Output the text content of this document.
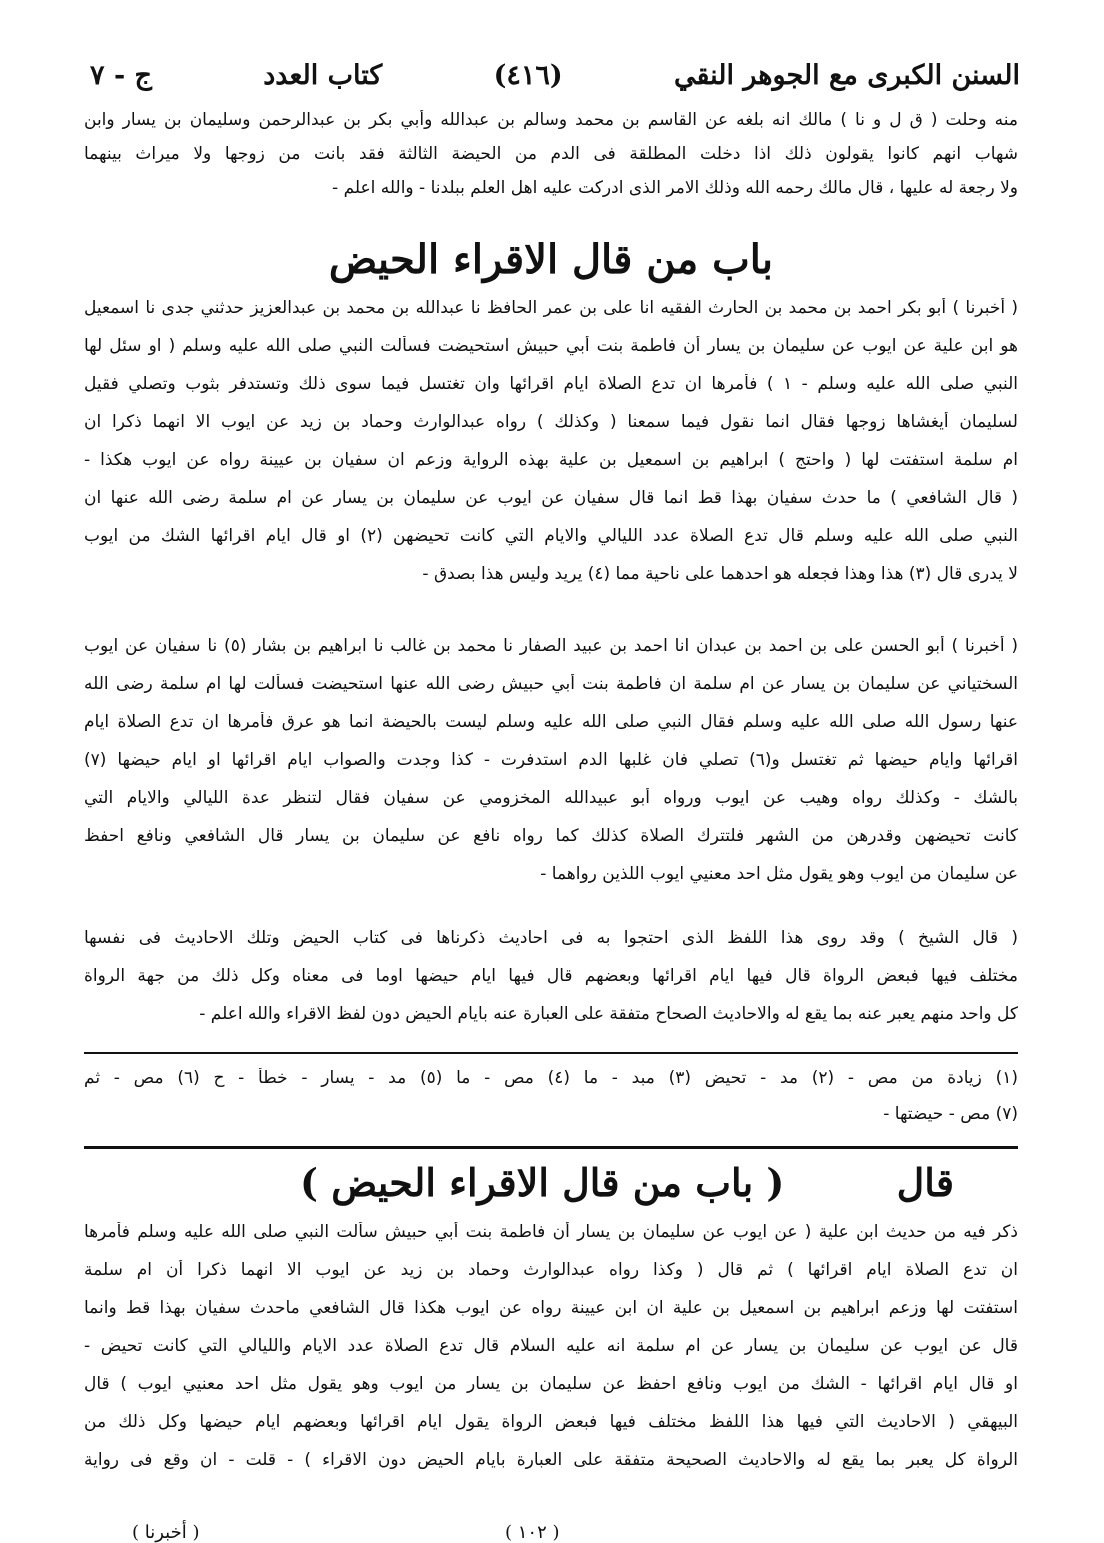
السنن الكبرى مع الجوهر النقي
(٤١٦)
كتاب العدد
ج - ٧
منه وحلت ( ق ل و نا ) مالك انه بلغه عن القاسم بن محمد وسالم بن عبدالله وأبي بكر بن عبدالرحمن وسليمان بن يسار وابن
شهاب انهم كانوا يقولون ذلك اذا دخلت المطلقة فى الدم من الحيضة الثالثة فقد بانت من زوجها ولا ميراث بينهما
ولا رجعة له عليها ، قال مالك رحمه الله وذلك الامر الذى ادركت عليه اهل العلم ببلدنا - والله اعلم -
باب من قال الاقراء الحيض
( أخبرنا ) أبو بكر احمد بن محمد بن الحارث الفقيه انا على بن عمر الحافظ نا عبدالله بن محمد بن عبدالعزيز حدثني جدى نا اسمعيل
هو ابن علية عن ايوب عن سليمان بن يسار أن فاطمة بنت أبي حبيش استحيضت فسألت النبي صلى الله عليه وسلم ( او سئل لها
النبي صلى الله عليه وسلم - ١ ) فأمرها ان تدع الصلاة ايام اقرائها وان تغتسل فيما سوى ذلك وتستدفر بثوب وتصلي فقيل
لسليمان أيغشاها زوجها فقال انما نقول فيما سمعنا ( وكذلك ) رواه عبدالوارث وحماد بن زيد عن ايوب الا انهما ذكرا ان
ام سلمة استفتت لها ( واحتج ) ابراهيم بن اسمعيل بن علية بهذه الرواية وزعم ان سفيان بن عيينة رواه عن ايوب هكذا -
( قال الشافعي ) ما حدث سفيان بهذا قط انما قال سفيان عن ايوب عن سليمان بن يسار عن ام سلمة رضى الله عنها ان
النبي صلى الله عليه وسلم قال تدع الصلاة عدد الليالي والايام التي كانت تحيضهن (٢) او قال ايام اقرائها الشك من ايوب
لا يدرى قال (٣) هذا وهذا فجعله هو احدهما على ناحية مما (٤) يريد وليس هذا بصدق -
( أخبرنا ) أبو الحسن على بن احمد بن عبدان انا احمد بن عبيد الصفار نا محمد بن غالب نا ابراهيم بن بشار (٥) نا سفيان عن ايوب
السختياني عن سليمان بن يسار عن ام سلمة ان فاطمة بنت أبي حبيش رضى الله عنها استحيضت فسألت لها ام سلمة رضى الله
عنها رسول الله صلى الله عليه وسلم فقال النبي صلى الله عليه وسلم ليست بالحيضة انما هو عرق فأمرها ان تدع الصلاة ايام
اقرائها وايام حيضها ثم تغتسل و(٦) تصلي فان غلبها الدم استدفرت - كذا وجدت والصواب ايام اقرائها او ايام حيضها (٧)
بالشك - وكذلك رواه وهيب عن ايوب ورواه أبو عبيدالله المخزومي عن سفيان فقال لتنظر عدة الليالي والايام التي
كانت تحيضهن وقدرهن من الشهر فلتترك الصلاة كذلك كما رواه نافع عن سليمان بن يسار قال الشافعي ونافع احفظ
عن سليمان من ايوب وهو يقول مثل احد معنيي ايوب اللذين رواهما -
( قال الشيخ ) وقد روى هذا اللفظ الذى احتجوا به فى احاديث ذكرناها فى كتاب الحيض وتلك الاحاديث فى نفسها
مختلف فيها فبعض الرواة قال فيها ايام اقرائها وبعضهم قال فيها ايام حيضها اوما فى معناه وكل ذلك من جهة الرواة
كل واحد منهم يعبر عنه بما يقع له والاحاديث الصحاح متفقة على العبارة عنه بايام الحيض دون لفظ الاقراء والله اعلم -
(١) زيادة من مص - (٢) مد - تحيض (٣) مبد - ما (٤) مص - ما (٥) مد - يسار - خطأ - ح (٦) مص - ثم
(٧) مص - حيضتها -
قال
( باب من قال الاقراء الحيض )
ذكر فيه من حديث ابن علية ( عن ايوب عن سليمان بن يسار أن فاطمة بنت أبي حبيش سألت النبي صلى الله عليه وسلم فأمرها
ان تدع الصلاة ايام اقرائها ) ثم قال ( وكذا رواه عبدالوارث وحماد بن زيد عن ايوب الا انهما ذكرا أن ام سلمة
استفتت لها وزعم ابراهيم بن اسمعيل بن علية ان ابن عيينة رواه عن ايوب هكذا قال الشافعي ماحدث سفيان بهذا قط وانما
قال عن ايوب عن سليمان بن يسار عن ام سلمة انه عليه السلام قال تدع الصلاة عدد الايام والليالي التي كانت تحيض -
او قال ايام اقرائها - الشك من ايوب ونافع احفظ عن سليمان بن يسار من ايوب وهو يقول مثل احد معنيي ايوب ) قال
البيهقي ( الاحاديث التي فيها هذا اللفظ مختلف فيها فبعض الرواة يقول ايام اقرائها وبعضهم ايام حيضها وكل ذلك من
الرواة كل يعبر بما يقع له والاحاديث الصحيحة متفقة على العبارة بايام الحيض دون الاقراء ) - قلت - ان وقع فى رواية
( ١٠٢ )
( أخبرنا )
